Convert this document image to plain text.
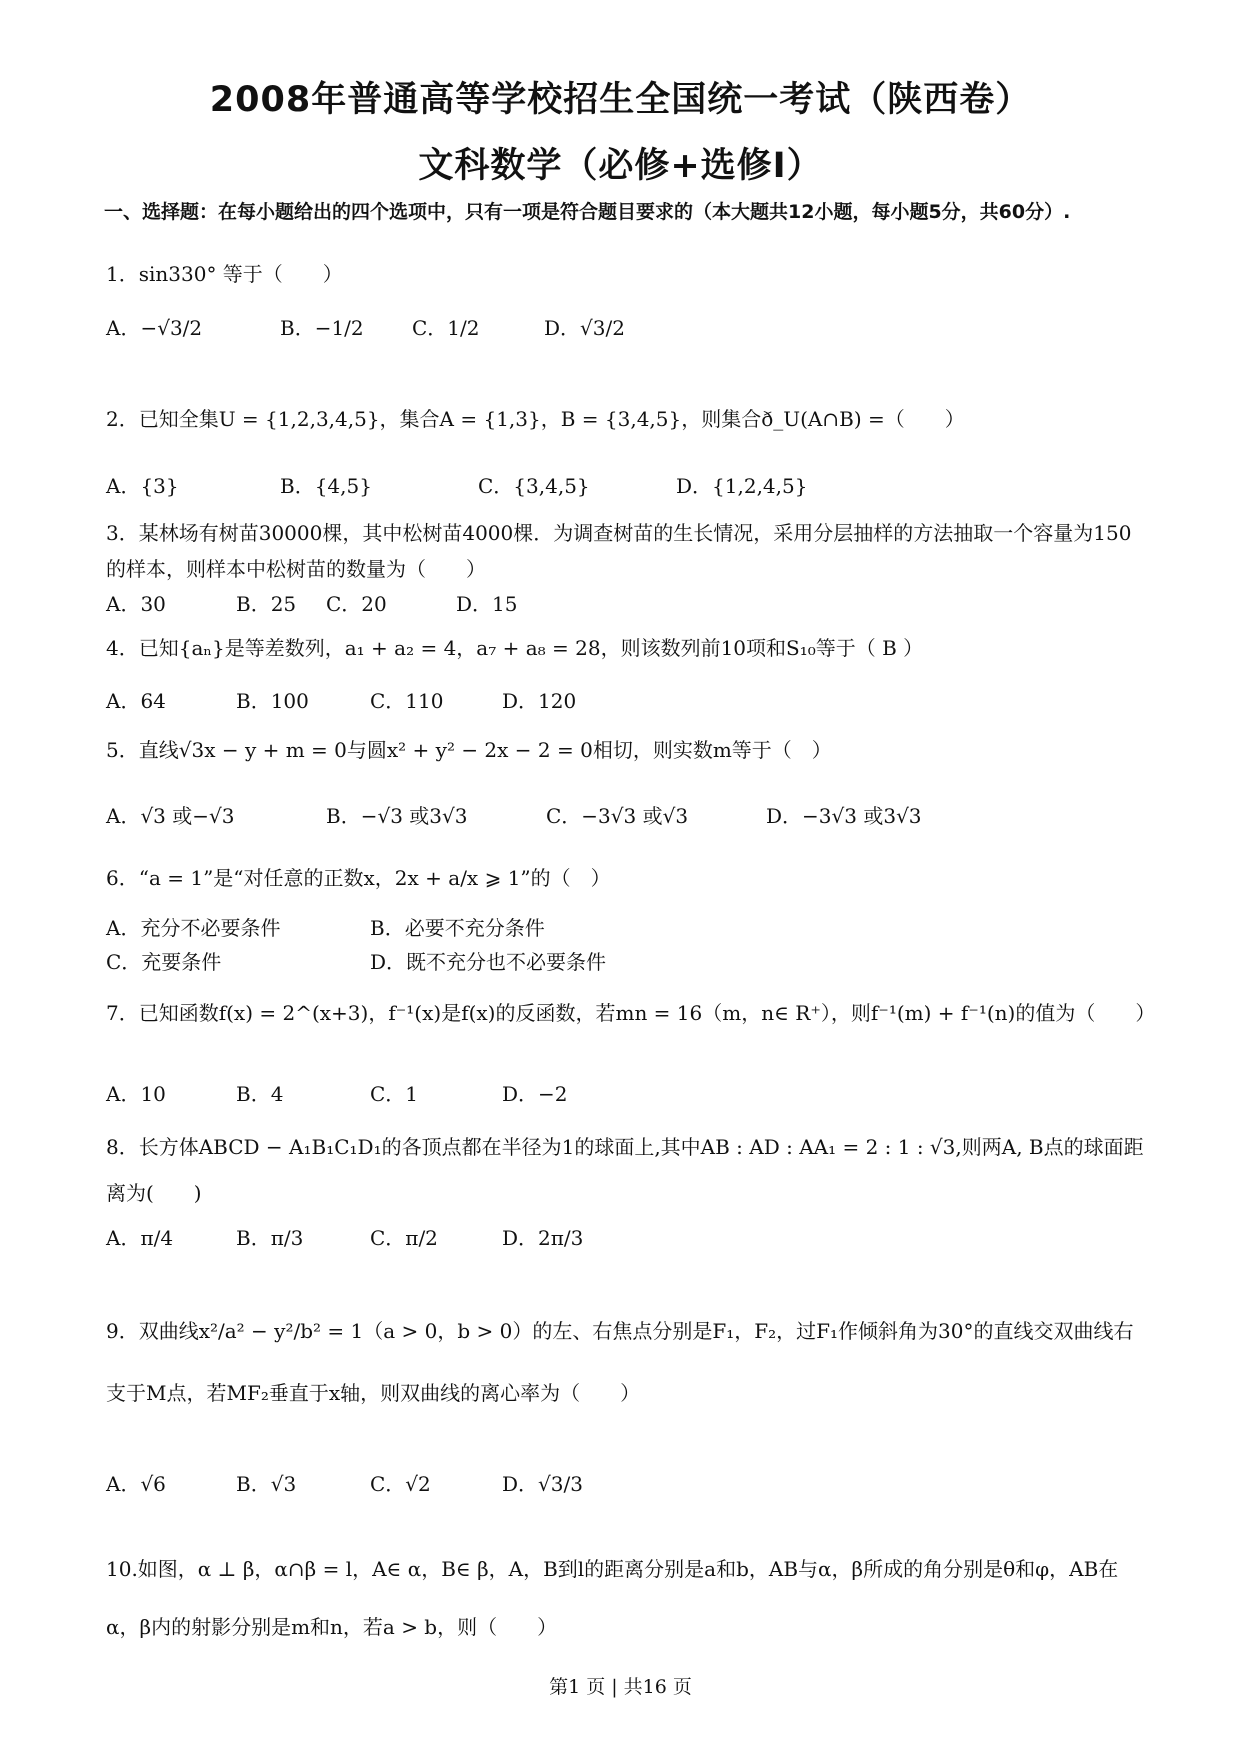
2008年普通高等学校招生全国统一考试（陕西卷）
文科数学（必修+选修Ⅰ）
一、选择题：在每小题给出的四个选项中，只有一项是符合题目要求的（本大题共12小题，每小题5分，共60分）.
1．sin330° 等于（　　）
A．−√3/2	B．−1/2 C．1/2	D．√3/2
2．已知全集U = {1,2,3,4,5}，集合A = {1,3}，B = {3,4,5}，则集合ð_U(A∩B) =（　　）
A．{3}	B．{4,5}	C．{3,4,5}	D．{1,2,4,5}
3．某林场有树苗30000棵，其中松树苗4000棵．为调查树苗的生长情况，采用分层抽样的方法抽取一个容量为150的样本，则样本中松树苗的数量为（　　）
A．30	B．25 C．20	D．15
4．已知{aₙ}是等差数列，a₁ + a₂ = 4，a₇ + a₈ = 28，则该数列前10项和S₁₀等于（ B ）
A．64	B．100	C．110	D．120
5．直线√3x − y + m = 0与圆x² + y² − 2x − 2 = 0相切，则实数m等于（　）
A．√3 或−√3	B．−√3 或3√3	C．−3√3 或√3	D．−3√3 或3√3
6．“a = 1”是“对任意的正数x，2x + a/x ⩾ 1”的（　）
A．充分不必要条件	B．必要不充分条件
C．充要条件	D．既不充分也不必要条件
7．已知函数f(x) = 2^(x+3)，f⁻¹(x)是f(x)的反函数，若mn = 16（m，n∈ R⁺），则f⁻¹(m) + f⁻¹(n)的值为（　　）
A．10	B．4	C．1	D．−2
8．长方体ABCD − A₁B₁C₁D₁的各顶点都在半径为1的球面上,其中AB : AD : AA₁ = 2 : 1 : √3,则两A, B点的球面距离为(　　)
A．π/4	B．π/3	C．π/2	D．2π/3
9．双曲线x²/a² − y²/b² = 1（a > 0，b > 0）的左、右焦点分别是F₁，F₂，过F₁作倾斜角为30°的直线交双曲线右支于M点，若MF₂垂直于x轴，则双曲线的离心率为（　　）
A．√6	B．√3	C．√2	D．√3/3
10.如图，α ⊥ β，α∩β = l，A∈ α，B∈ β，A，B到l的距离分别是a和b，AB与α，β所成的角分别是θ和φ，AB在α，β内的射影分别是m和n，若a > b，则（　　）
第1 页 | 共16 页
